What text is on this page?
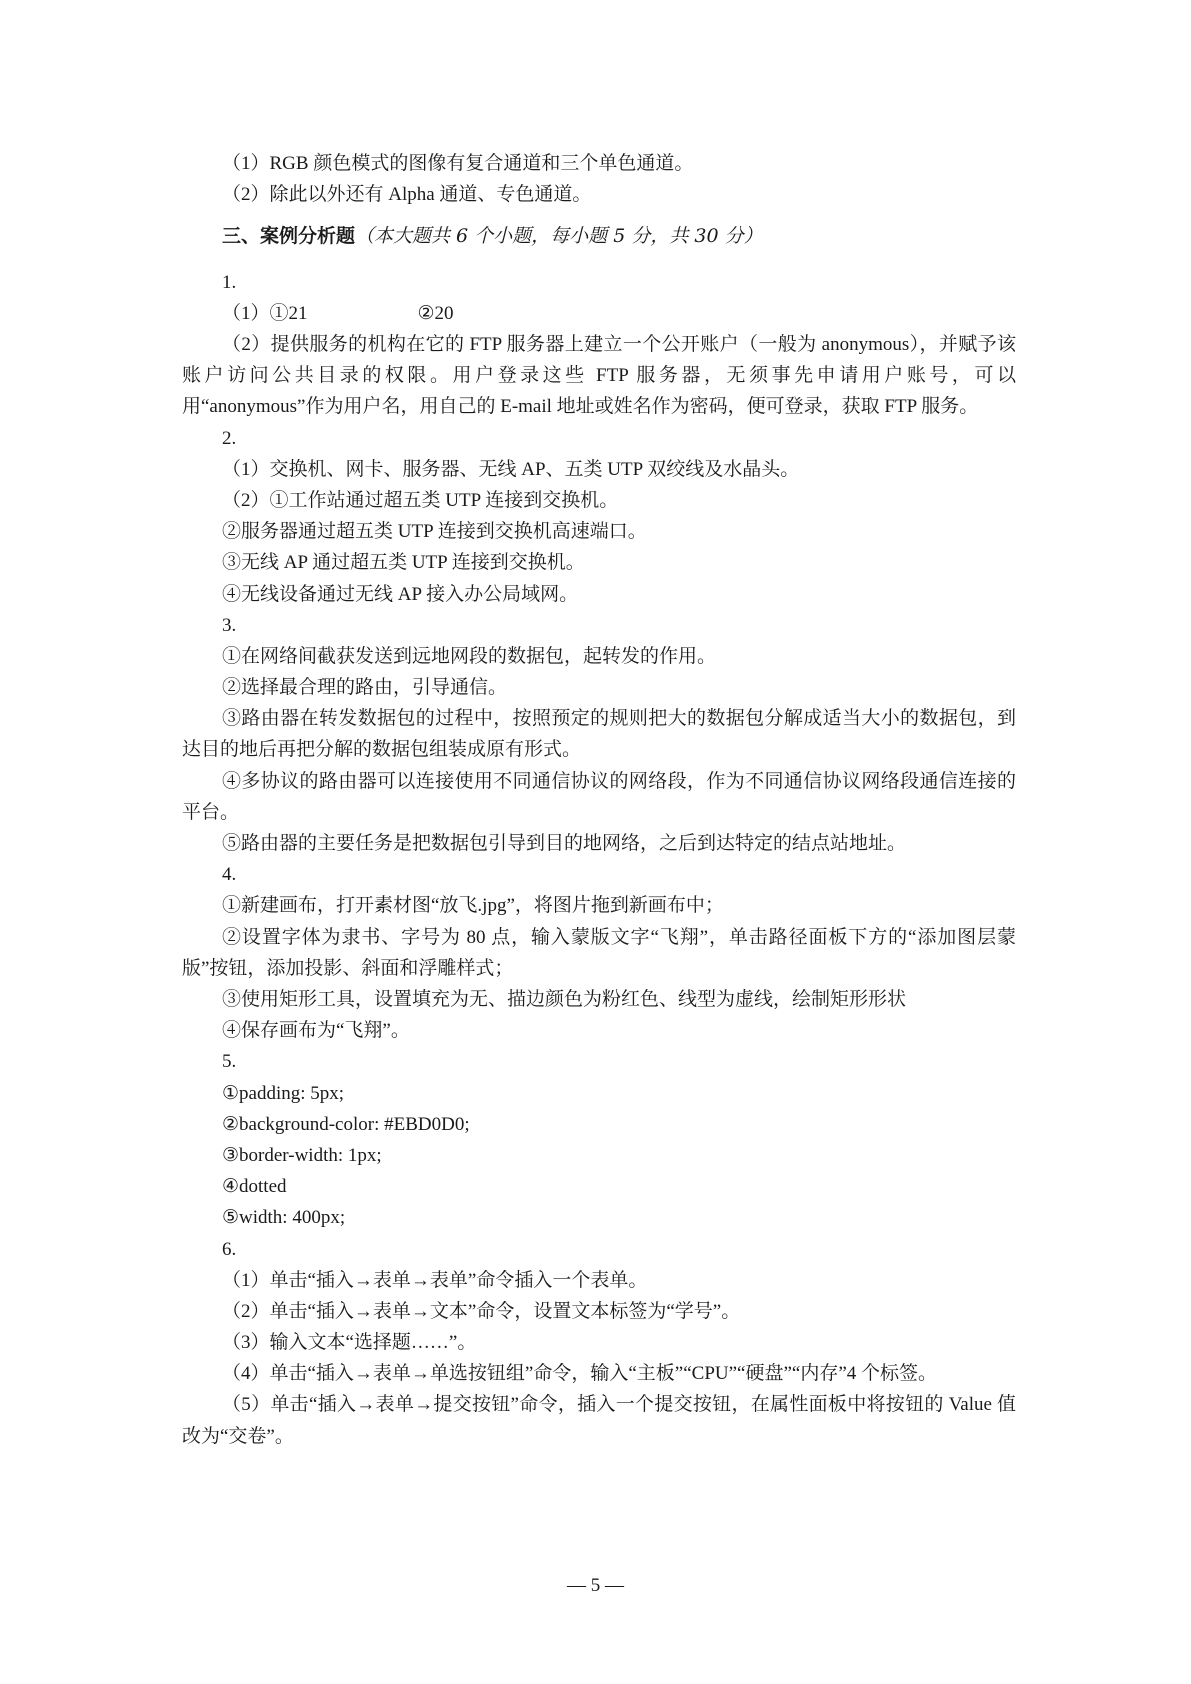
（1）RGB 颜色模式的图像有复合通道和三个单色通道。
（2）除此以外还有 Alpha 通道、专色通道。
三、案例分析题（本大题共 6 个小题，每小题 5 分，共 30 分）
1.
（1）①21	②20
（2）提供服务的机构在它的 FTP 服务器上建立一个公开账户（一般为 anonymous），并赋予该账户访问公共目录的权限。用户登录这些 FTP 服务器，无须事先申请用户账号，可以用“anonymous”作为用户名，用自己的 E-mail 地址或姓名作为密码，便可登录，获取 FTP 服务。
2.
（1）交换机、网卡、服务器、无线 AP、五类 UTP 双绞线及水晶头。
（2）①工作站通过超五类 UTP 连接到交换机。
②服务器通过超五类 UTP 连接到交换机高速端口。
③无线 AP 通过超五类 UTP 连接到交换机。
④无线设备通过无线 AP 接入办公局域网。
3.
①在网络间截获发送到远地网段的数据包，起转发的作用。
②选择最合理的路由，引导通信。
③路由器在转发数据包的过程中，按照预定的规则把大的数据包分解成适当大小的数据包，到达目的地后再把分解的数据包组装成原有形式。
④多协议的路由器可以连接使用不同通信协议的网络段，作为不同通信协议网络段通信连接的平台。
⑤路由器的主要任务是把数据包引导到目的地网络，之后到达特定的结点站地址。
4.
①新建画布，打开素材图“放飞.jpg”，将图片拖到新画布中；
②设置字体为隶书、字号为 80 点，输入蒙版文字“飞翔”，单击路径面板下方的“添加图层蒙版”按钮，添加投影、斜面和浮雕样式；
③使用矩形工具，设置填充为无、描边颜色为粉红色、线型为虚线，绘制矩形形状
④保存画布为“飞翔”。
5.
①padding: 5px;
②background-color: #EBD0D0;
③border-width: 1px;
④dotted
⑤width: 400px;
6.
（1）单击“插入→表单→表单”命令插入一个表单。
（2）单击“插入→表单→文本”命令，设置文本标签为“学号”。
（3）输入文本“选择题……”。
（4）单击“插入→表单→单选按钮组”命令，输入“主板”“CPU”“硬盘”“内存”4 个标签。
（5）单击“插入→表单→提交按钮”命令，插入一个提交按钮，在属性面板中将按钮的 Value 值改为“交卷”。
— 5 —
